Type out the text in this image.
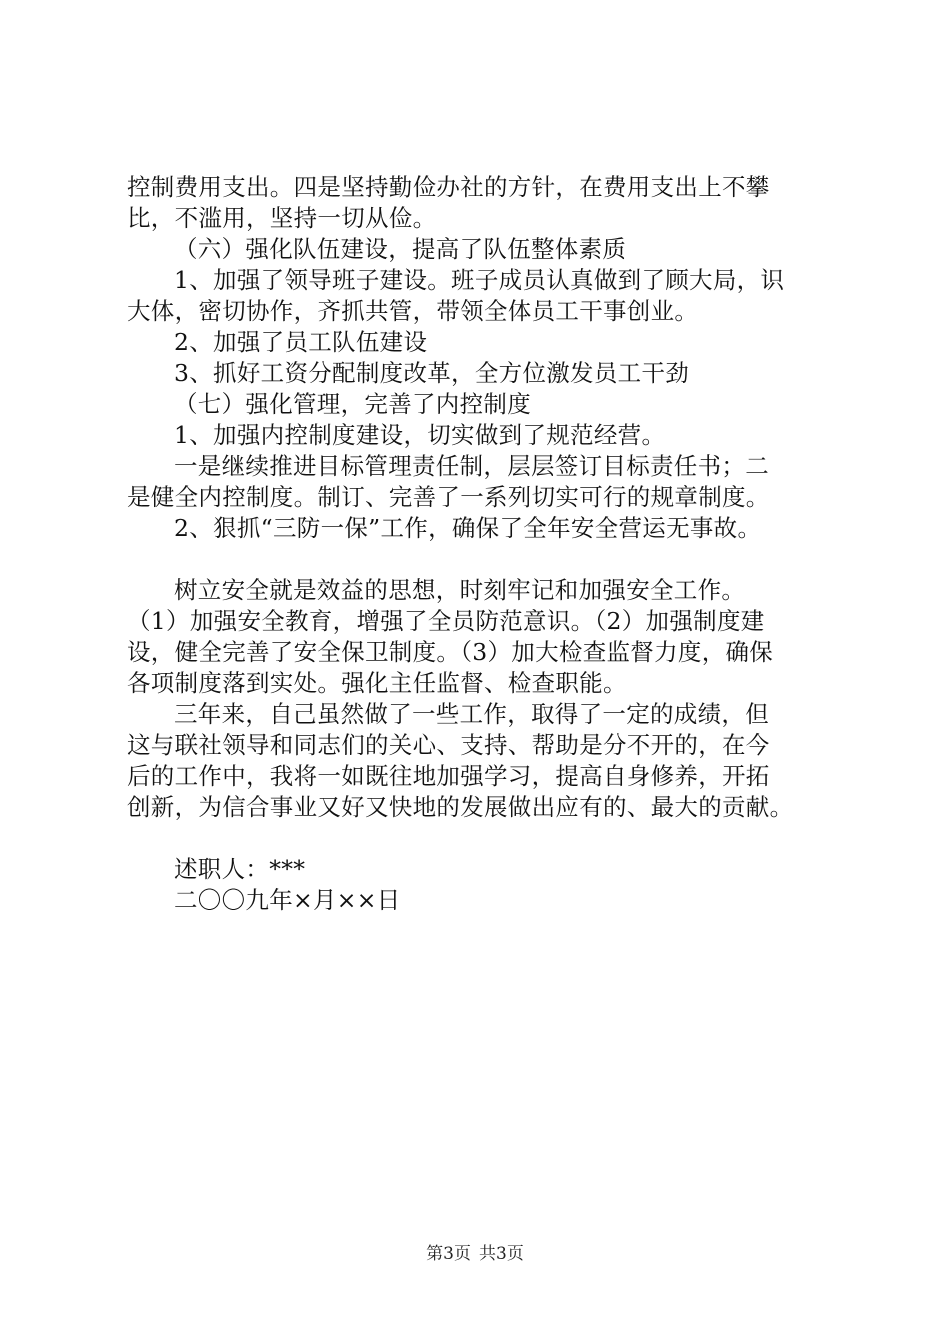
控制费用支出。四是坚持勤俭办社的方针，在费用支出上不攀
比，不滥用，坚持一切从俭。
（六）强化队伍建设，提高了队伍整体素质
1、加强了领导班子建设。班子成员认真做到了顾大局，识
大体，密切协作，齐抓共管，带领全体员工干事创业。
2、加强了员工队伍建设
3、抓好工资分配制度改革，全方位激发员工干劲
（七）强化管理，完善了内控制度
1、加强内控制度建设，切实做到了规范经营。
一是继续推进目标管理责任制，层层签订目标责任书；二
是健全内控制度。制订、完善了一系列切实可行的规章制度。
2、狠抓“三防一保”工作，确保了全年安全营运无事故。
树立安全就是效益的思想，时刻牢记和加强安全工作。
（1）加强安全教育，增强了全员防范意识。（2）加强制度建
设，健全完善了安全保卫制度。（3）加大检查监督力度，确保
各项制度落到实处。强化主任监督、检查职能。
三年来，自己虽然做了一些工作，取得了一定的成绩，但
这与联社领导和同志们的关心、支持、帮助是分不开的，在今
后的工作中，我将一如既往地加强学习，提高自身修养，开拓
创新，为信合事业又好又快地的发展做出应有的、最大的贡献。
述职人：***
二〇〇九年×月××日
第3页 共3页
